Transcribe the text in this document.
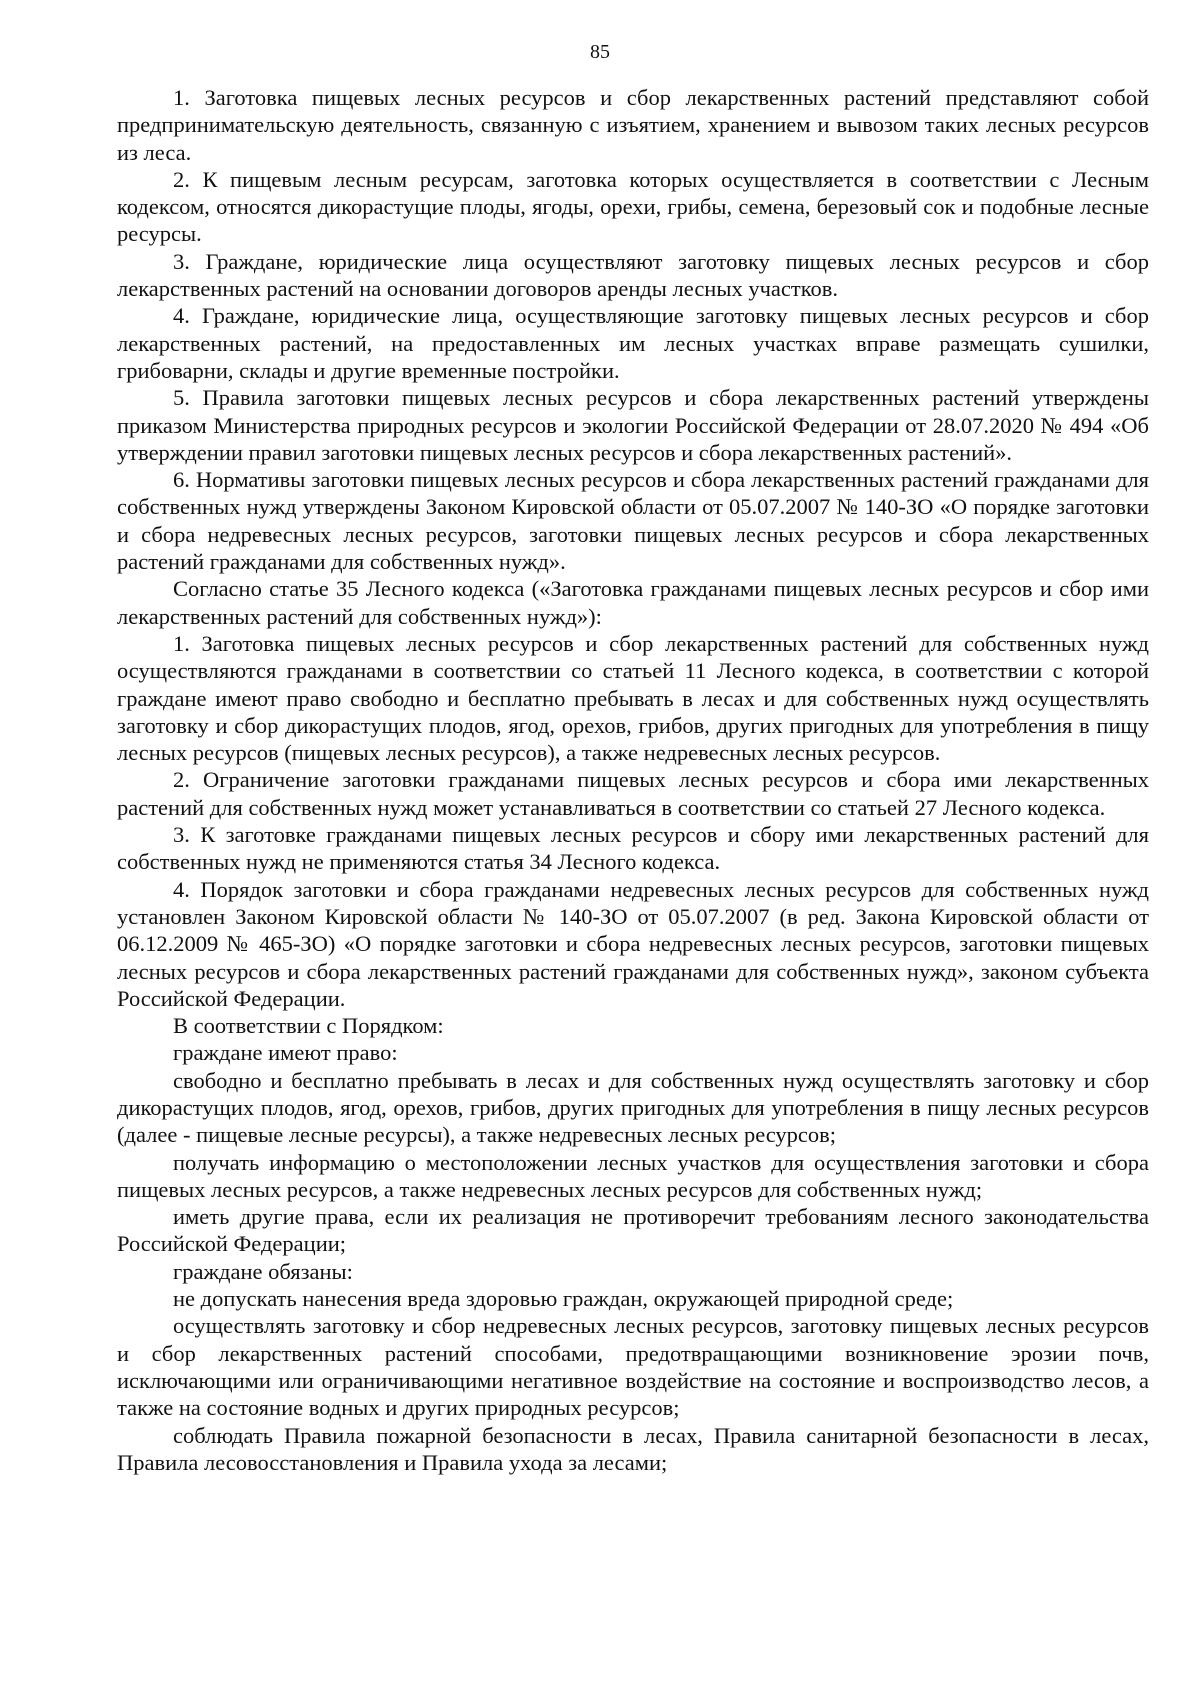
85

1. Заготовка пищевых лесных ресурсов и сбор лекарственных растений представляют собой предпринимательскую деятельность, связанную с изъятием, хранением и вывозом таких лесных ресурсов из леса.

2. К пищевым лесным ресурсам, заготовка которых осуществляется в соответствии с Лесным кодексом, относятся дикорастущие плоды, ягоды, орехи, грибы, семена, березовый сок и подобные лесные ресурсы.

3. Граждане, юридические лица осуществляют заготовку пищевых лесных ресурсов и сбор лекарственных растений на основании договоров аренды лесных участков.

4. Граждане, юридические лица, осуществляющие заготовку пищевых лесных ресурсов и сбор лекарственных растений, на предоставленных им лесных участках вправе размещать сушилки, грибоварни, склады и другие временные постройки.

5. Правила заготовки пищевых лесных ресурсов и сбора лекарственных растений утверждены приказом Министерства природных ресурсов и экологии Российской Федерации от 28.07.2020 № 494 «Об утверждении правил заготовки пищевых лесных ресурсов и сбора лекарственных растений».

6. Нормативы заготовки пищевых лесных ресурсов и сбора лекарственных растений гражданами для собственных нужд утверждены Законом Кировской области от 05.07.2007 № 140-ЗО «О порядке заготовки и сбора недревесных лесных ресурсов, заготовки пищевых лесных ресурсов и сбора лекарственных растений гражданами для собственных нужд».

Согласно статье 35 Лесного кодекса («Заготовка гражданами пищевых лесных ресурсов и сбор ими лекарственных растений для собственных нужд»):

1. Заготовка пищевых лесных ресурсов и сбор лекарственных растений для собственных нужд осуществляются гражданами в соответствии со статьей 11 Лесного кодекса, в соответствии с которой граждане имеют право свободно и бесплатно пребывать в лесах и для собственных нужд осуществлять заготовку и сбор дикорастущих плодов, ягод, орехов, грибов, других пригодных для употребления в пищу лесных ресурсов (пищевых лесных ресурсов), а также недревесных лесных ресурсов.

2. Ограничение заготовки гражданами пищевых лесных ресурсов и сбора ими лекарственных растений для собственных нужд может устанавливаться в соответствии со статьей 27 Лесного кодекса.

3. К заготовке гражданами пищевых лесных ресурсов и сбору ими лекарственных растений для собственных нужд не применяются статья 34 Лесного кодекса.

4. Порядок заготовки и сбора гражданами недревесных лесных ресурсов для собственных нужд установлен Законом Кировской области № 140-ЗО от 05.07.2007 (в ред. Закона Кировской области от 06.12.2009 № 465-ЗО) «О порядке заготовки и сбора недревесных лесных ресурсов, заготовки пищевых лесных ресурсов и сбора лекарственных растений гражданами для собственных нужд», законом субъекта Российской Федерации.

В соответствии с Порядком:

граждане имеют право:

свободно и бесплатно пребывать в лесах и для собственных нужд осуществлять заготовку и сбор дикорастущих плодов, ягод, орехов, грибов, других пригодных для употребления в пищу лесных ресурсов (далее - пищевые лесные ресурсы), а также недревесных лесных ресурсов;

получать информацию о местоположении лесных участков для осуществления заготовки и сбора пищевых лесных ресурсов, а также недревесных лесных ресурсов для собственных нужд;

иметь другие права, если их реализация не противоречит требованиям лесного законодательства Российской Федерации;

граждане обязаны:

не допускать нанесения вреда здоровью граждан, окружающей природной среде;

осуществлять заготовку и сбор недревесных лесных ресурсов, заготовку пищевых лесных ресурсов и сбор лекарственных растений способами, предотвращающими возникновение эрозии почв, исключающими или ограничивающими негативное воздействие на состояние и воспроизводство лесов, а также на состояние водных и других природных ресурсов;

соблюдать Правила пожарной безопасности в лесах, Правила санитарной безопасности в лесах, Правила лесовосстановления и Правила ухода за лесами;
